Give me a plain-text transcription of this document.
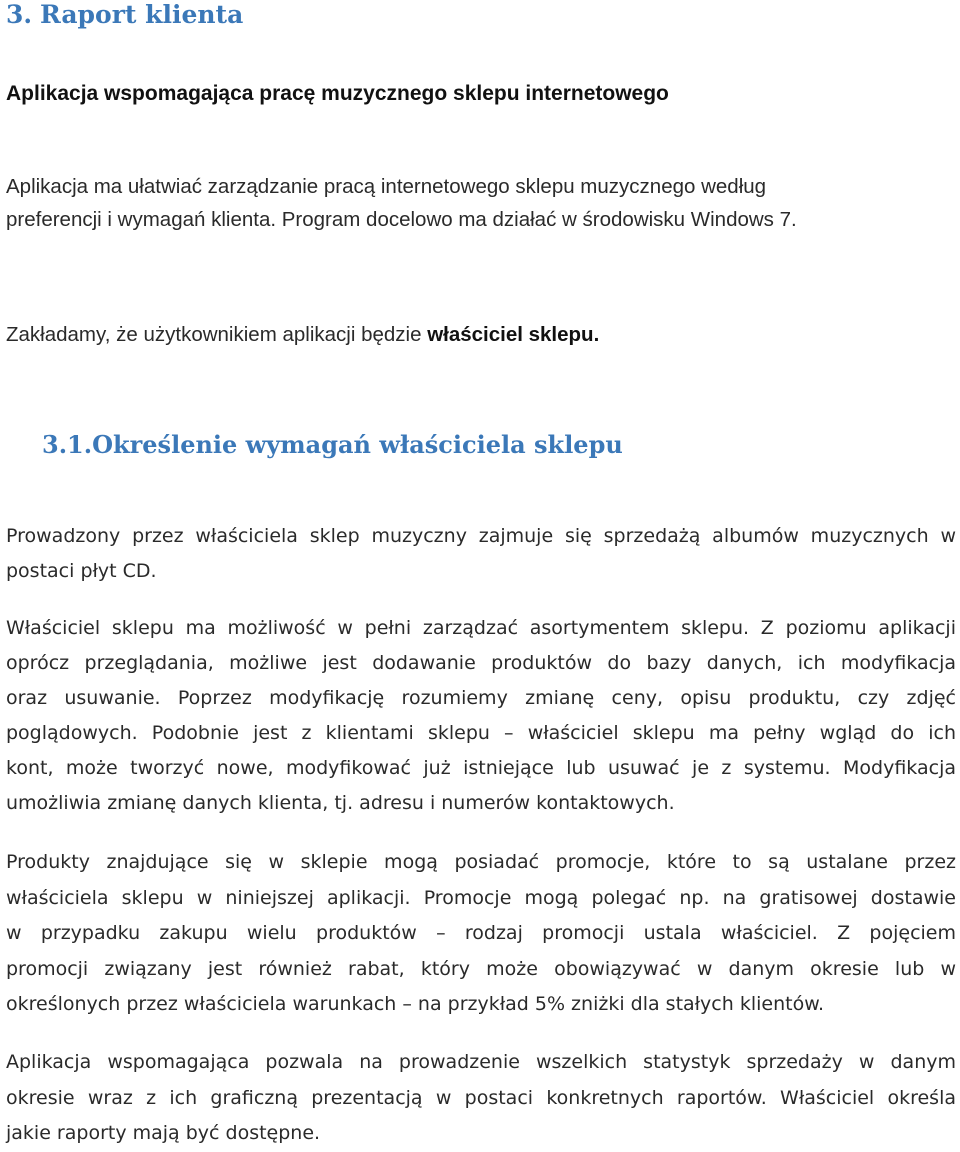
3. Raport klienta
Aplikacja wspomagająca pracę muzycznego sklepu internetowego

Aplikacja ma ułatwiać zarządzanie pracą internetowego sklepu muzycznego według
preferencji i wymagań klienta. Program docelowo ma działać w środowisku Windows 7.

Zakładamy, że użytkownikiem aplikacji będzie właściciel sklepu.

3.1.Określenie wymagań właściciela sklepu

Prowadzony przez właściciela sklep muzyczny zajmuje się sprzedażą albumów muzycznych w
postaci płyt CD.

Właściciel sklepu ma możliwość w pełni zarządzać asortymentem sklepu. Z poziomu aplikacji
oprócz przeglądania, możliwe jest dodawanie produktów do bazy danych, ich modyfikacja
oraz usuwanie. Poprzez modyfikację rozumiemy zmianę ceny, opisu produktu, czy zdjęć
poglądowych. Podobnie jest z klientami sklepu – właściciel sklepu ma pełny wgląd do ich
kont, może tworzyć nowe, modyfikować już istniejące lub usuwać je z systemu. Modyfikacja
umożliwia zmianę danych klienta, tj. adresu i numerów kontaktowych.

Produkty znajdujące się w sklepie mogą posiadać promocje, które to są ustalane przez
właściciela sklepu w niniejszej aplikacji. Promocje mogą polegać np. na gratisowej dostawie
w przypadku zakupu wielu produktów – rodzaj promocji ustala właściciel. Z pojęciem
promocji związany jest również rabat, który może obowiązywać w danym okresie lub w
określonych przez właściciela warunkach – na przykład 5% zniżki dla stałych klientów.

Aplikacja wspomagająca pozwala na prowadzenie wszelkich statystyk sprzedaży w danym
okresie wraz z ich graficzną prezentacją w postaci konkretnych raportów. Właściciel określa
jakie raporty mają być dostępne.
